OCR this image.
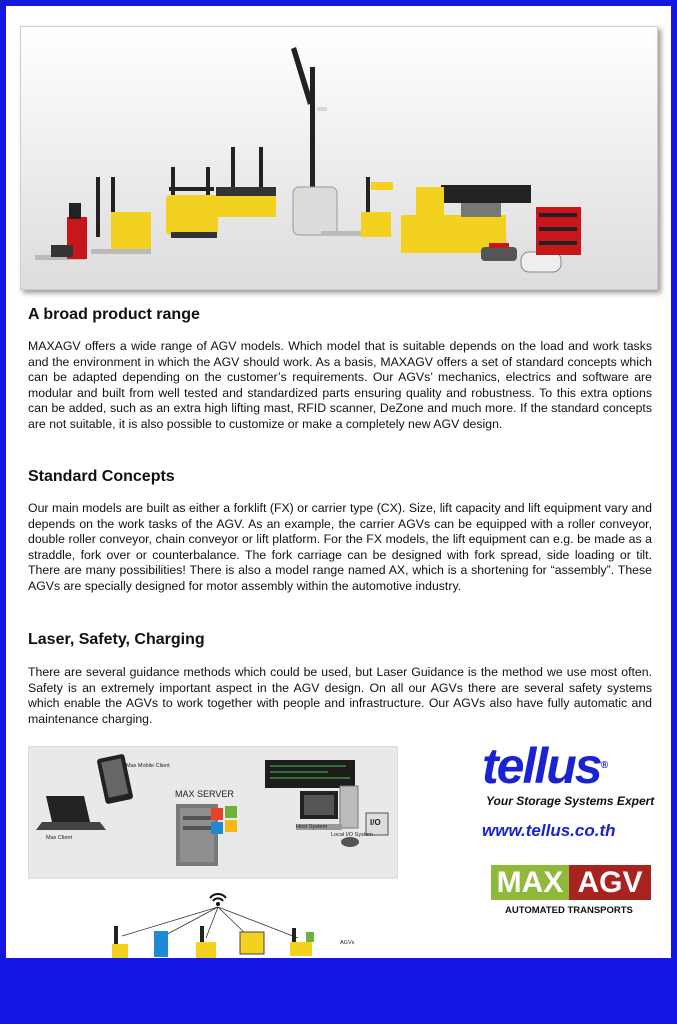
A broad product range

MAXAGV offers a wide range of AGV models. Which model that is suitable depends on the load and work tasks and the environment in which the AGV should work. As a basis, MAXAGV offers a set of standard concepts which can be adapted depending on the customer’s requirements. Our AGVs’ mechanics, electrics and software are modular and built from well tested and standardized parts ensuring quality and robustness. To this extra options can be added, such as an extra high lifting mast, RFID scanner, DeZone and much more. If the standard concepts are not suitable, it is also possible to customize or make a completely new AGV design.

Standard Concepts

Our main models are built as either a forklift (FX) or carrier type (CX). Size, lift capacity and lift equipment vary and depends on the work tasks of the AGV. As an example, the carrier AGVs can be equipped with a roller conveyor, double roller conveyor, chain conveyor or lift platform. For the FX models, the lift equipment can e.g. be made as a straddle, fork over or counterbalance. The fork carriage can be designed with fork spread, side loading or tilt. There are many possibilities! There is also a model range named AX, which is a shortening for “assembly”. These AGVs are specially designed for motor assembly within the automotive industry.

Laser, Safety, Charging

There are several guidance methods which could be used, but Laser Guidance is the method we use most often. Safety is an extremely important aspect in the AGV design. On all our AGVs there are several safety systems which enable the AGVs to work together with people and infrastructure. Our AGVs also have fully automatic and maintenance charging.

MAX SERVER
Max Mobile Client
Max Client
Host System
Local I/O System
I/O
AGVs
tellus®
Your Storage Systems Expert
www.tellus.co.th
MAX AGV
AUTOMATED TRANSPORTS
